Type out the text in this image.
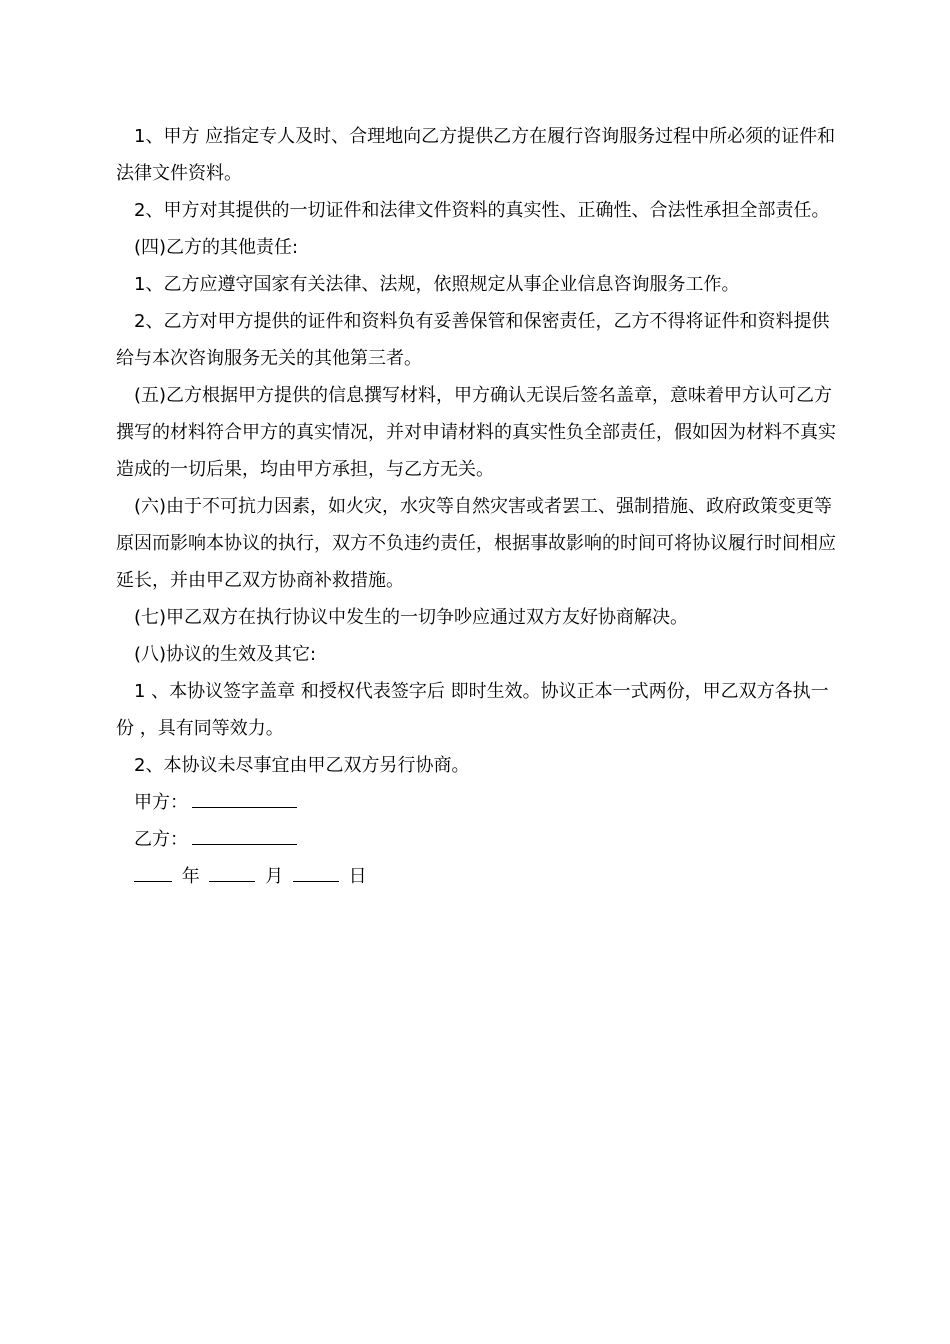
1、甲方 应指定专人及时、合理地向乙方提供乙方在履行咨询服务过程中所必须的证件和法律文件资料。

2、甲方对其提供的一切证件和法律文件资料的真实性、正确性、合法性承担全部责任。

(四)乙方的其他责任:

1、乙方应遵守国家有关法律、法规，依照规定从事企业信息咨询服务工作。

2、乙方对甲方提供的证件和资料负有妥善保管和保密责任，乙方不得将证件和资料提供给与本次咨询服务无关的其他第三者。

(五)乙方根据甲方提供的信息撰写材料，甲方确认无误后签名盖章，意味着甲方认可乙方撰写的材料符合甲方的真实情况，并对申请材料的真实性负全部责任，假如因为材料不真实造成的一切后果，均由甲方承担，与乙方无关。

(六)由于不可抗力因素，如火灾，水灾等自然灾害或者罢工、强制措施、政府政策变更等原因而影响本协议的执行，双方不负违约责任，根据事故影响的时间可将协议履行时间相应延长，并由甲乙双方协商补救措施。

(七)甲乙双方在执行协议中发生的一切争吵应通过双方友好协商解决。

(八)协议的生效及其它:

1 、本协议签字盖章 和授权代表签字后 即时生效。协议正本一式两份，甲乙双方各执一份 ，具有同等效力。

2、本协议未尽事宜由甲乙双方另行协商。

甲方：
乙方：
年	月	日
